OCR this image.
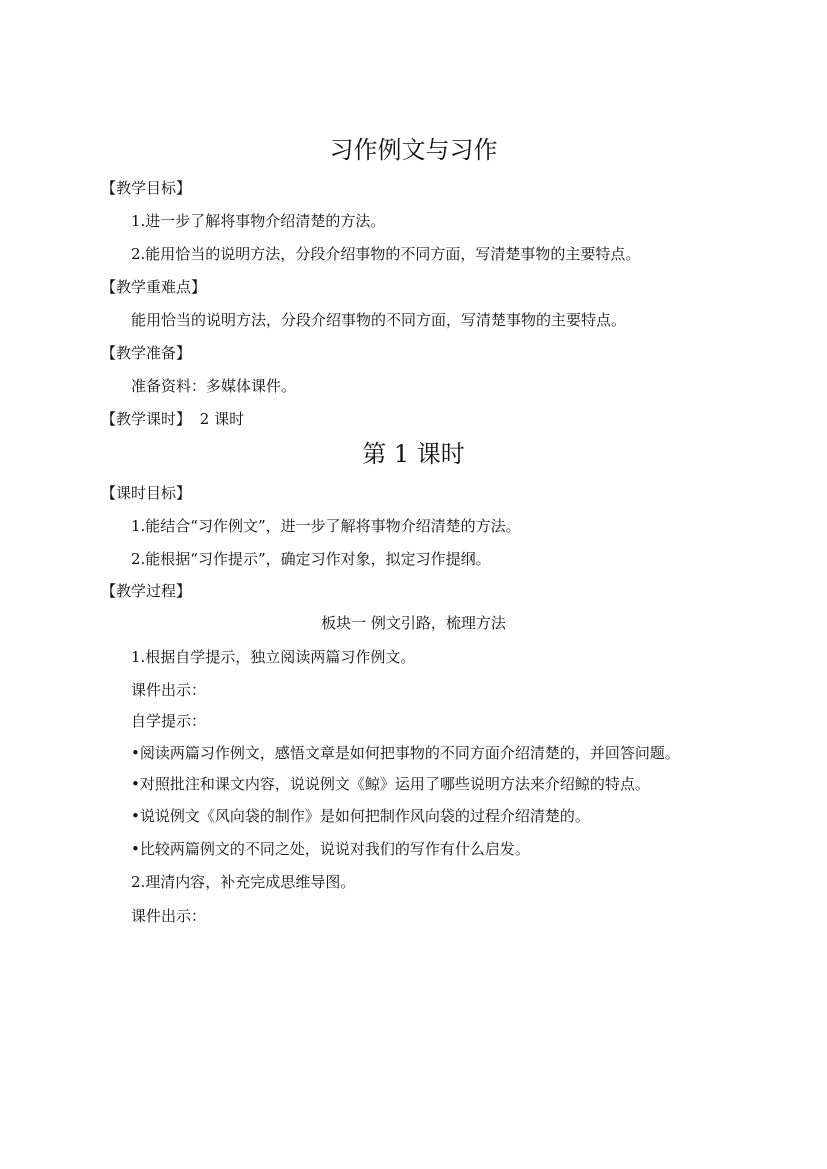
习作例文与习作
【教学目标】
1.进一步了解将事物介绍清楚的方法。
2.能用恰当的说明方法，分段介绍事物的不同方面，写清楚事物的主要特点。
【教学重难点】
能用恰当的说明方法，分段介绍事物的不同方面，写清楚事物的主要特点。
【教学准备】
准备资料：多媒体课件。
【教学课时】 2 课时
第 1 课时
【课时目标】
1.能结合“习作例文”，进一步了解将事物介绍清楚的方法。
2.能根据“习作提示”，确定习作对象，拟定习作提纲。
【教学过程】
板块一 例文引路，梳理方法
1.根据自学提示，独立阅读两篇习作例文。
课件出示：
自学提示：
•阅读两篇习作例文，感悟文章是如何把事物的不同方面介绍清楚的，并回答问题。
•对照批注和课文内容，说说例文《鲸》运用了哪些说明方法来介绍鲸的特点。
•说说例文《风向袋的制作》是如何把制作风向袋的过程介绍清楚的。
•比较两篇例文的不同之处，说说对我们的写作有什么启发。
2.理清内容，补充完成思维导图。
课件出示：
